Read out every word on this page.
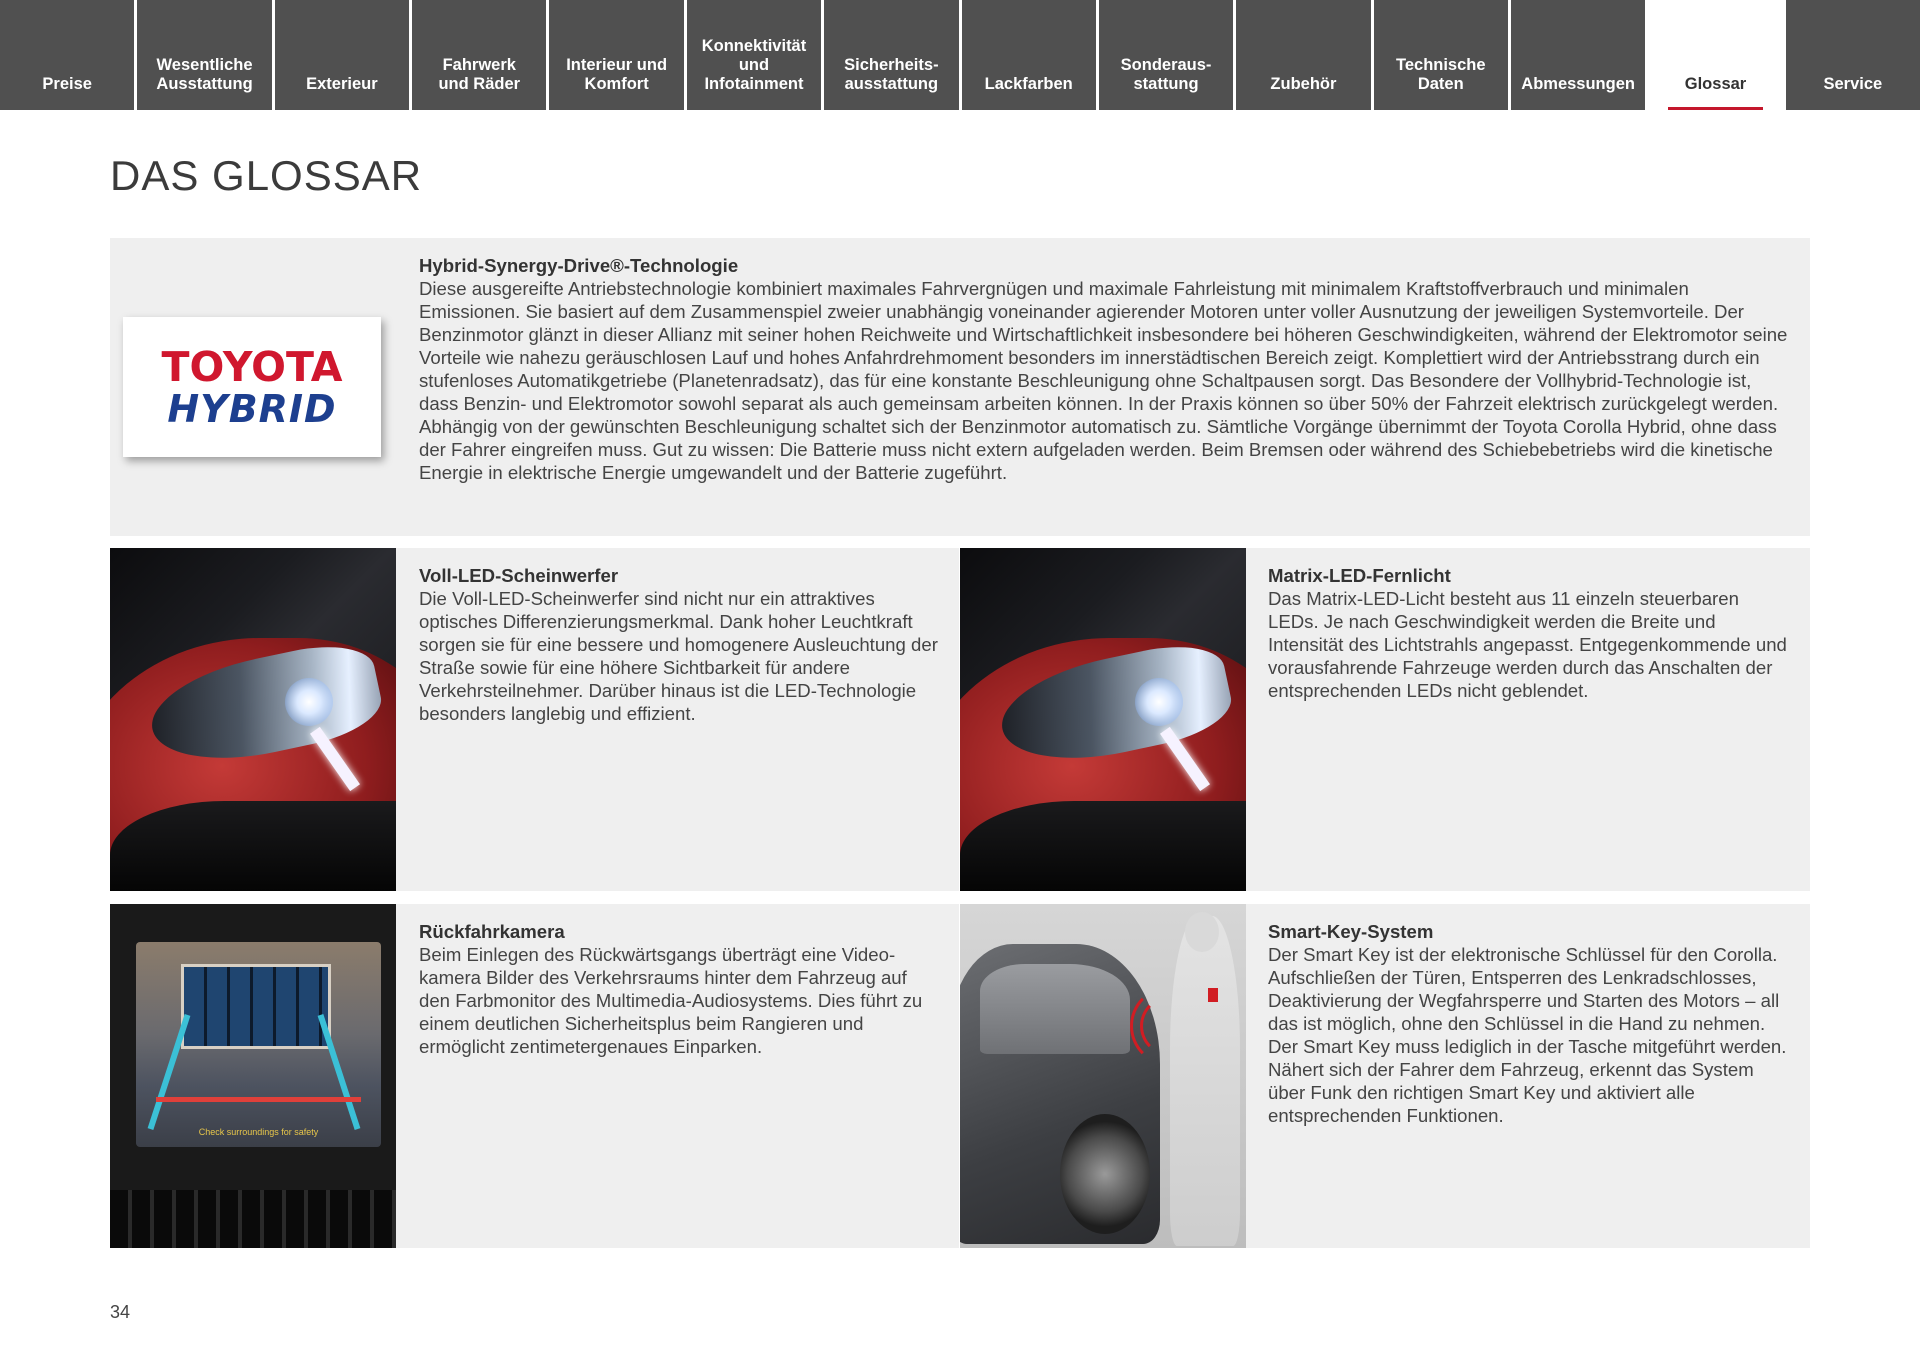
Preise
Wesentliche
Ausstattung	Exterieur
Fahrwerk
und Räder
Interieur und
Komfort
Konnektivität
und
Infotainment
Sicherheits-
ausstattung	Lackfarben
Sonderaus-
stattung	Zubehör
Technische
Daten	Abmessungen	Glossar	Service
DAS GLOSSAR
TOYOTA
HYBRID
Hybrid-Synergy-Drive®-Technologie

Diese ausgereifte Antriebstechnologie kombiniert maximales Fahrvergnügen und maximale Fahrleistung mit minimalem Kraftstoffverbrauch und minimalen Emissionen. Sie basiert auf dem Zusammenspiel zweier unabhängig voneinander agierender Motoren unter voller Ausnutzung der jeweiligen Systemvorteile. Der Benzinmotor glänzt in dieser Allianz mit seiner hohen Reichweite und Wirtschaftlichkeit insbesondere bei höheren Geschwindigkeiten, während der Elektromotor seine Vorteile wie nahezu geräuschlosen Lauf und hohes Anfahrdrehmoment besonders im innerstädtischen Bereich zeigt. Komplettiert wird der Antriebsstrang durch ein stufenloses Automatikgetriebe (Planetenradsatz), das für eine konstante Beschleunigung ohne Schaltpausen sorgt. Das Besondere der Vollhybrid-Technologie ist, dass Benzin- und Elektromotor sowohl separat als auch gemeinsam arbeiten können. In der Praxis können so über 50% der Fahrzeit elektrisch zurückgelegt werden. Abhängig von der gewünschten Beschleunigung schaltet sich der Benzinmotor automatisch zu. Sämtliche Vorgänge übernimmt der Toyota Corolla Hybrid, ohne dass der Fahrer eingreifen muss. Gut zu wissen: Die Batterie muss nicht extern aufgeladen werden. Beim Bremsen oder während des Schiebebetriebs wird die kinetische Energie in elektrische Energie umgewandelt und der Batterie zugeführt.

Voll-LED-Scheinwerfer

Die Voll-LED-Scheinwerfer sind nicht nur ein attraktives optisches Differenzierungsmerkmal. Dank hoher Leuchtkraft sorgen sie für eine bessere und homogenere Ausleuchtung der Straße sowie für eine höhere Sichtbarkeit für andere Verkehrsteilnehmer. Darüber hinaus ist die LED-Technologie besonders langlebig und effizient.

Matrix-LED-Fernlicht

Das Matrix-LED-Licht besteht aus 11 einzeln steuerbaren LEDs. Je nach Geschwindigkeit werden die Breite und Intensität des Lichtstrahls angepasst. Entgegenkommende und vorausfahrende Fahrzeuge werden durch das Anschalten der entsprechenden LEDs nicht geblendet.

Check surroundings for safety
Rückfahrkamera

Beim Einlegen des Rückwärtsgangs überträgt eine Videokamera Bilder des Verkehrsraums hinter dem Fahrzeug auf den Farbmonitor des Multimedia-Audiosystems. Dies führt zu einem deutlichen Sicherheitsplus beim Rangieren und ermöglicht zentimetergenaues Einparken.

Smart-Key-System

Der Smart Key ist der elektronische Schlüssel für den Corolla. Aufschließen der Türen, Entsperren des Lenkradschlosses, Deaktivierung der Wegfahrsperre und Starten des Motors – all das ist möglich, ohne den Schlüssel in die Hand zu nehmen. Der Smart Key muss lediglich in der Tasche mitgeführt werden. Nähert sich der Fahrer dem Fahrzeug, erkennt das System über Funk den richtigen Smart Key und aktiviert alle entsprechenden Funktionen.

34
